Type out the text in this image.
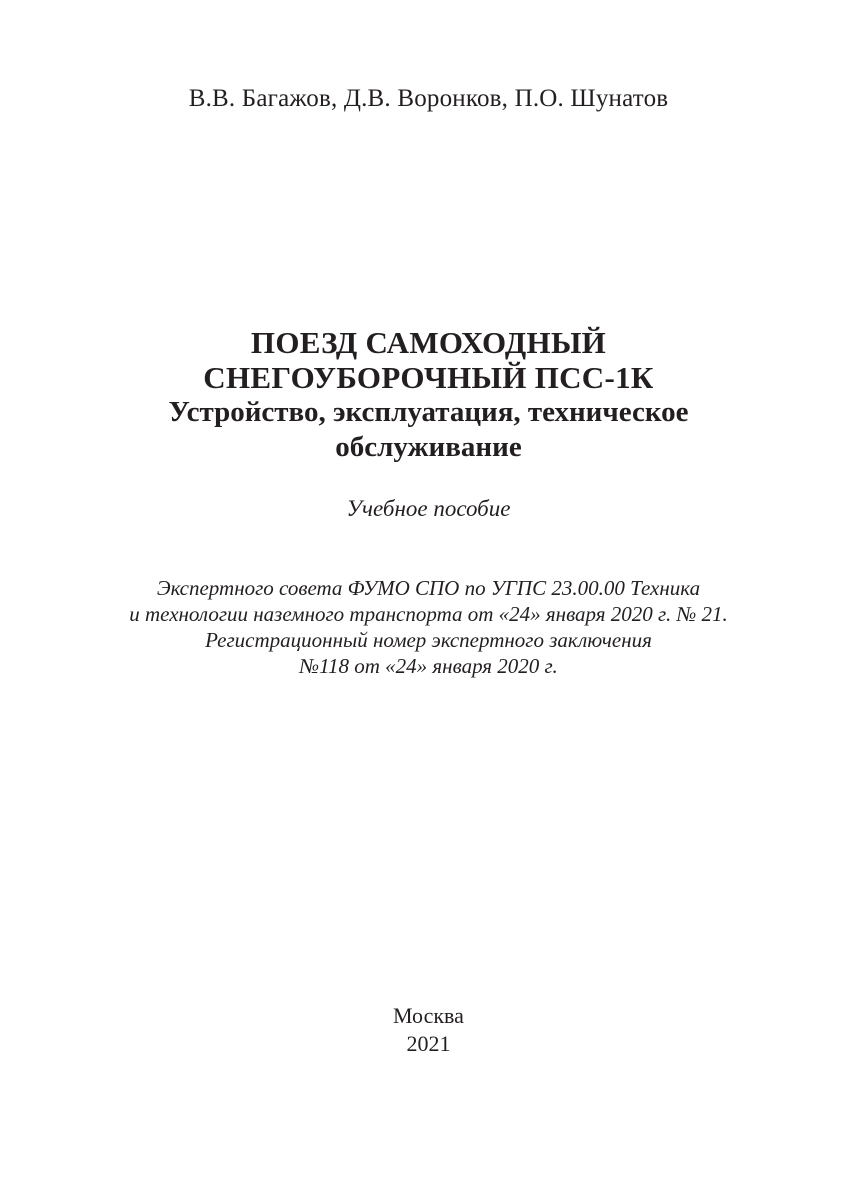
В.В. Багажов, Д.В. Воронков, П.О. Шунатов
ПОЕЗД САМОХОДНЫЙ
СНЕГОУБОРОЧНЫЙ ПСС-1К
Устройство, эксплуатация, техническое
обслуживание
Учебное пособие
Экспертного совета ФУМО СПО по УГПС 23.00.00 Техника
и технологии наземного транспорта от «24» января 2020 г. № 21.
Регистрационный номер экспертного заключения
№118 от «24» января 2020 г.
Москва
2021
